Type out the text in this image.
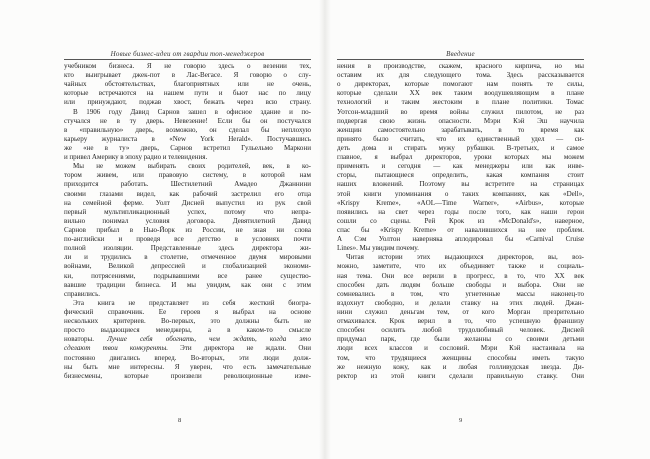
Новые бизнес-идеи от гвардии топ-менеджеров
учебником бизнеса. Я не говорю здесь о везении тех,
кто выигрывает джек-пот в Лас-Вегасе. Я говорю о слу-
чайных обстоятельствах, благоприятных или не очень,
которые встречаются на нашем пути и бьют нас по лицу
или принуждают, поджав хвост, бежать через всю страну.
В 1906 году Давид Сарнов зашел в офисное здание и по-
стучался не в ту дверь. Невезение! Если бы он постучался
в «правильную» дверь, возможно, он сделал бы неплохую
карьеру журналиста в «New York Herald». Постучавшись
же «не в ту» дверь, Сарнов встретил Гульельмо Маркони
и привел Америку в эпоху радио и телевидения.
Мы не можем выбирать своих родителей, век, в ко-
тором живем, или правовую систему, в которой нам
приходится работать. Шестилетний Амадео Джаннини
своими глазами видел, как рабочий застрелил его отца
на семейной ферме. Уолт Дисней выпустил из рук свой
первый мультипликационный успех, потому что непра-
вильно понимал условия договора. Девятилетний Давид
Сарнов прибыл в Нью-Йорк из России, не зная ни слова
по-английски и проведя все детство в условиях почти
полной изоляции. Представленные здесь директора жи-
ли и трудились в столетие, отмеченное двумя мировыми
войнами, Великой депрессией и глобализацией экономи-
ки, потрясениями, подрывавшими все ранее существо-
вавшие традиции бизнеса. И мы увидим, как они с этим
справились.
Эта книга не представляет из себя жесткий биогра-
фический справочник. Ее героев я выбрал на основе
нескольких критериев. Во-первых, это должны быть не
просто выдающиеся менеджеры, а в каком-то смысле
новаторы. Лучше себя обогнать, чем ждать, когда это
сделают твои конкуренты. Эти директора не ждали. Они
постоянно двигались вперед. Во-вторых, эти люди долж-
ны быть мне интересны. Я уверен, что есть замечательные
бизнесмены, которые произвели революционные изме-
8
Введение
нения в производстве, скажем, красного кирпича, но мы
оставим их для следующего тома. Здесь рассказывается
о директорах, которые помогают нам понять те силы,
которые сделали XX век таким воодушевляющим в плане
технологий и таким жестоким в плане политики. Томас
Уотсон-младший во время войны служил пилотом, не раз
подвергая свою жизнь опасности. Мэри Кэй Эш научила
женщин самостоятельно зарабатывать, в то время как
принято было считать, что их единственный удел — си-
деть дома и стирать мужу рубашки. В-третьих, и самое
главное, я выбрал директоров, уроки которых мы можем
применять и сегодня — как менеджеры или как инве-
сторы, пытающиеся определить, какая компания стоит
наших вложений. Поэтому вы встретите на страницах
этой книги упоминания о таких компаниях, как «Dell»,
«Krispy Kreme», «AOL—Time Warner», «Airbus», которые
появились на свет через годы после того, как наши герои
сошли со сцены. Рей Крок из «McDonald's», наверное,
спас бы «Krispy Kreme» от навалившихся на нее проблем.
А Сэм Уолтон наверняка аплодировал бы «Carnival Cruise
Lines». Мы увидим почему.
Читая истории этих выдающихся директоров, вы, воз-
можно, заметите, что их объединяет также и социаль-
ная тема. Они все верили в прогресс, в то, что XX век
способен дать людям больше свободы и выбора. Они не
сомневались в том, что угнетенные массы наконец-то
вздохнут свободно, и делали ставку на этих людей. Джан-
нини служил деньгам тем, от кого Морган презрительно
отмахивался. Крок верил в то, что успешную франшизу
способен осилить любой трудолюбивый человек. Дисней
придумал парк, где были желанны со своими детьми
люди всех классов и сословий. Мэри Кэй настаивала на
том, что трудящиеся женщины способны иметь такую
же нежную кожу, как и любая голливудская звезда. Ди-
ректор из этой книги сделали правильную ставку. Они
9
